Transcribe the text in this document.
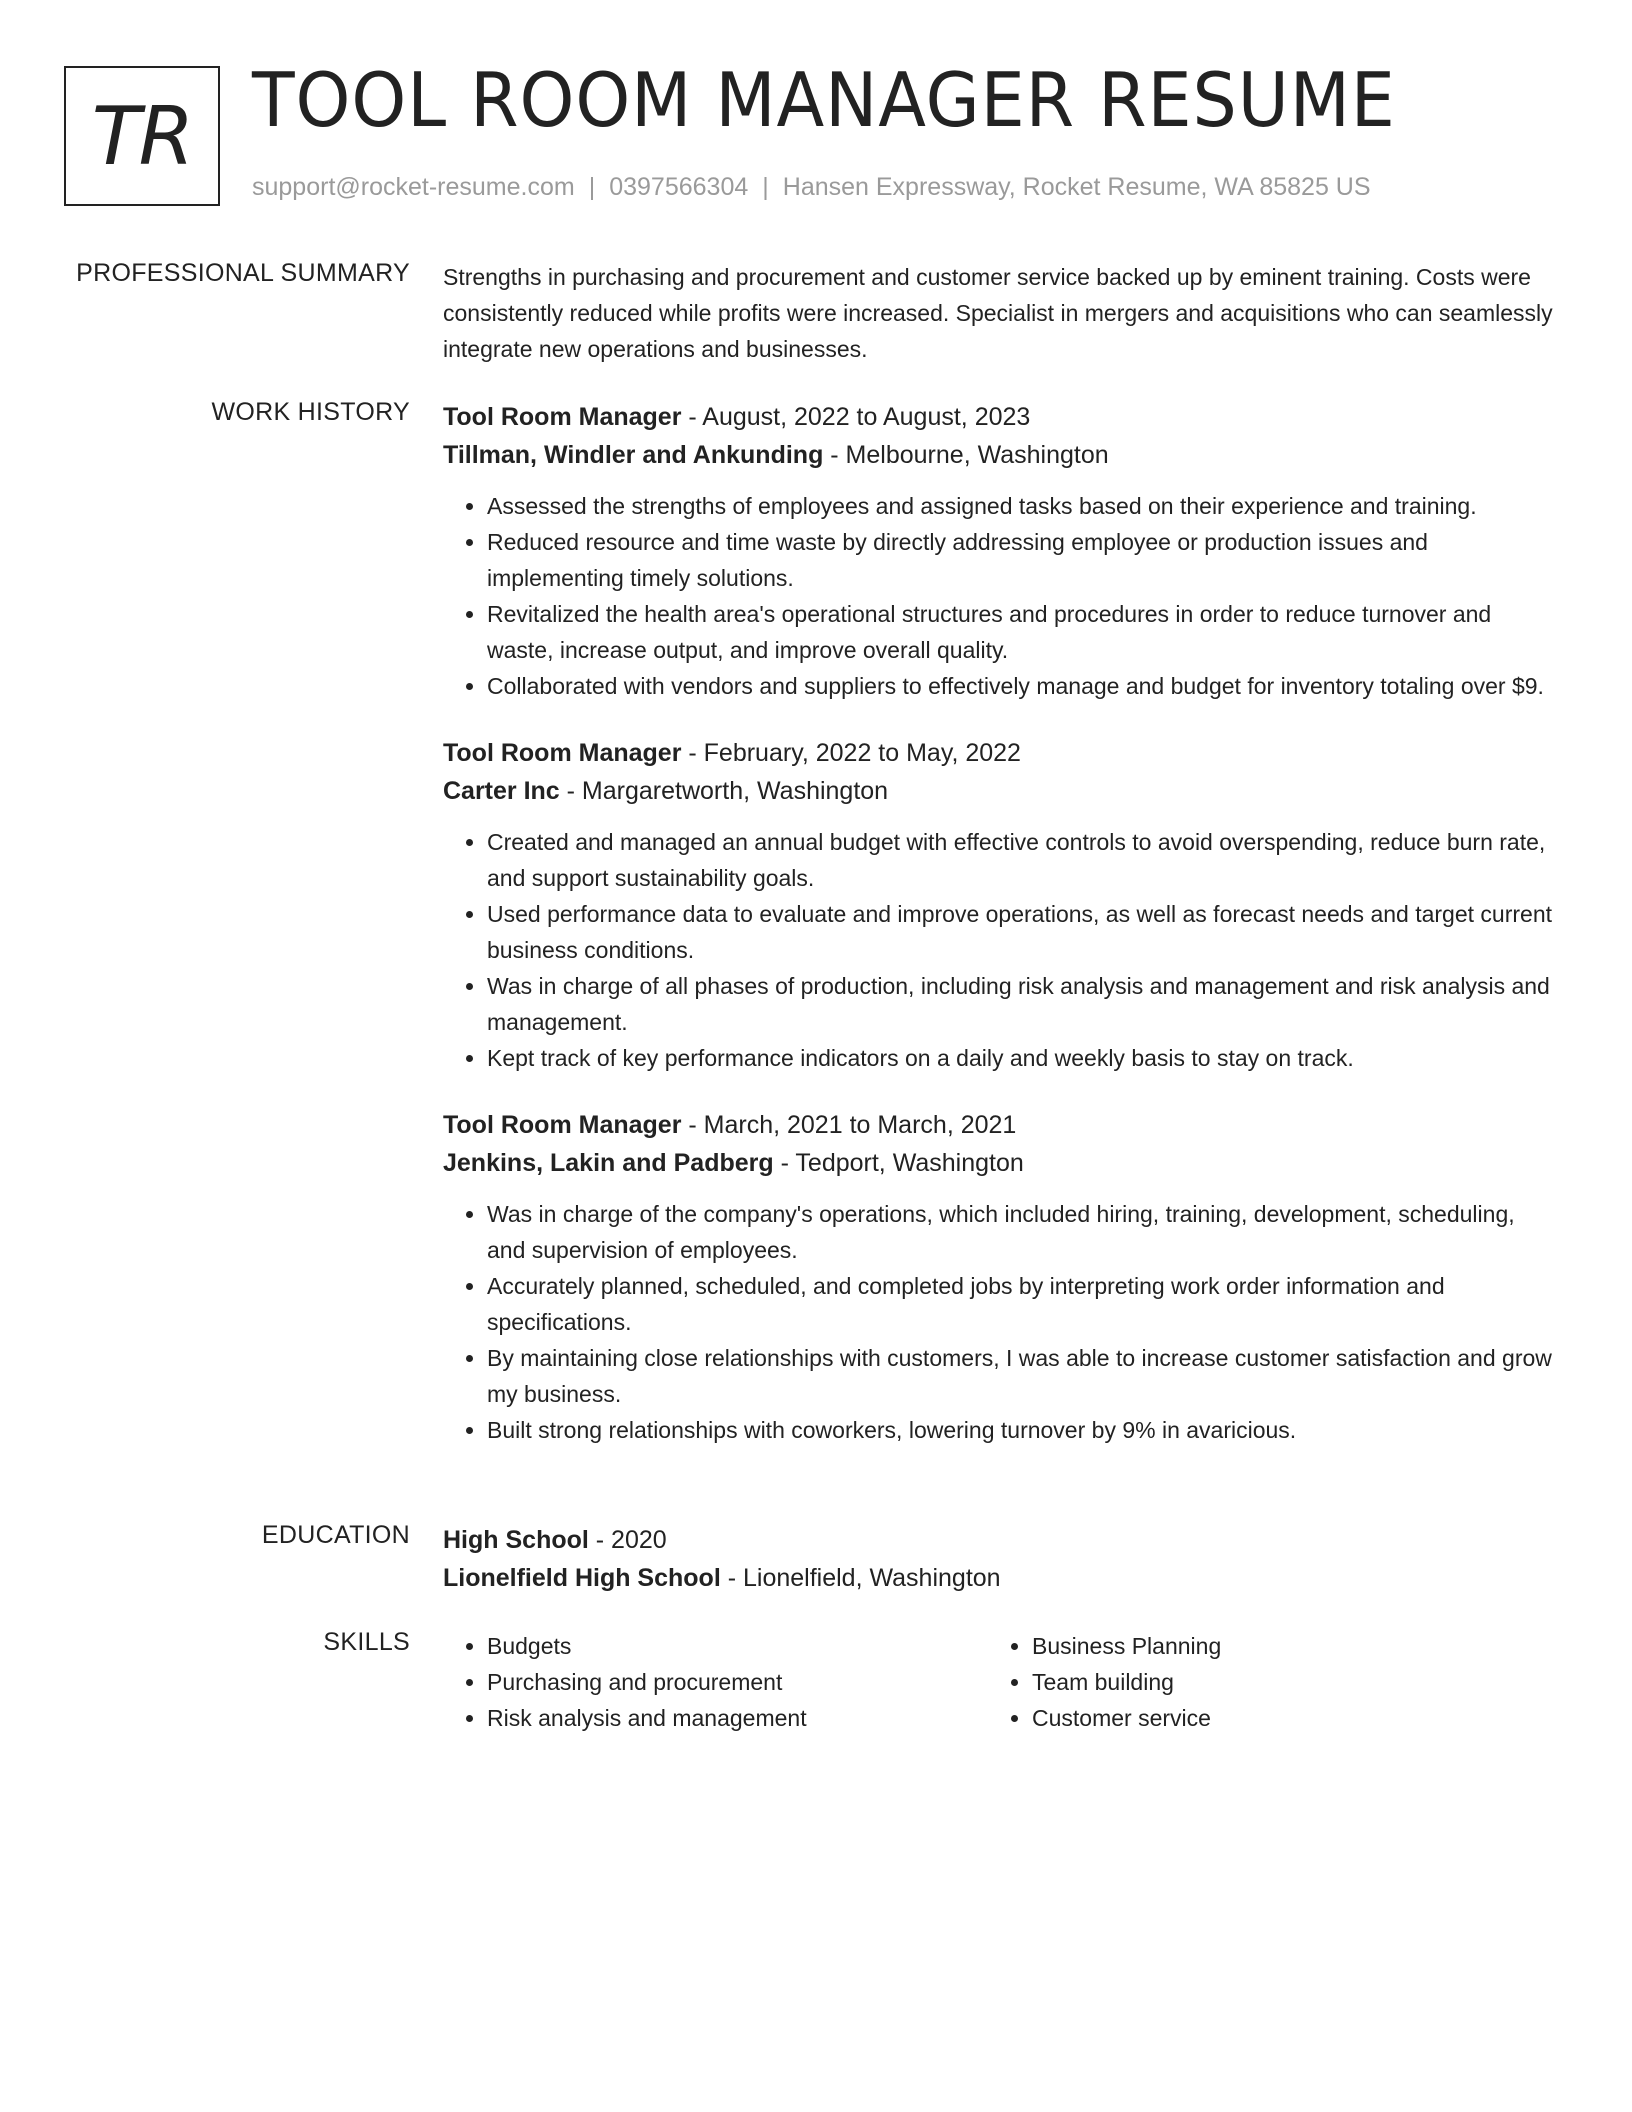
TR TOOL ROOM MANAGER RESUME
support@rocket-resume.com | 0397566304 | Hansen Expressway, Rocket Resume, WA 85825 US
PROFESSIONAL SUMMARY Strengths in purchasing and procurement and customer service backed up by eminent training. Costs were consistently reduced while profits were increased. Specialist in mergers and acquisitions who can seamlessly integrate new operations and businesses.

WORK HISTORY Tool Room Manager - August, 2022 to August, 2023
Tillman, Windler and Ankunding - Melbourne, Washington
• Assessed the strengths of employees and assigned tasks based on their experience and training.
• Reduced resource and time waste by directly addressing employee or production issues and implementing timely solutions.
• Revitalized the health area's operational structures and procedures in order to reduce turnover and waste, increase output, and improve overall quality.
• Collaborated with vendors and suppliers to effectively manage and budget for inventory totaling over $9.
Tool Room Manager - February, 2022 to May, 2022
Carter Inc - Margaretworth, Washington
• Created and managed an annual budget with effective controls to avoid overspending, reduce burn rate, and support sustainability goals.
• Used performance data to evaluate and improve operations, as well as forecast needs and target current business conditions.
• Was in charge of all phases of production, including risk analysis and management and risk analysis and management.
• Kept track of key performance indicators on a daily and weekly basis to stay on track.
Tool Room Manager - March, 2021 to March, 2021
Jenkins, Lakin and Padberg - Tedport, Washington
• Was in charge of the company's operations, which included hiring, training, development, scheduling, and supervision of employees.
• Accurately planned, scheduled, and completed jobs by interpreting work order information and specifications.
• By maintaining close relationships with customers, I was able to increase customer satisfaction and grow my business.
• Built strong relationships with coworkers, lowering turnover by 9% in avaricious.
EDUCATION High School - 2020
Lionelfield High School - Lionelfield, Washington
SKILLS
•	Budgets
• Purchasing and procurement
• Risk analysis and management
• Business Planning
• Team building
• Customer service
